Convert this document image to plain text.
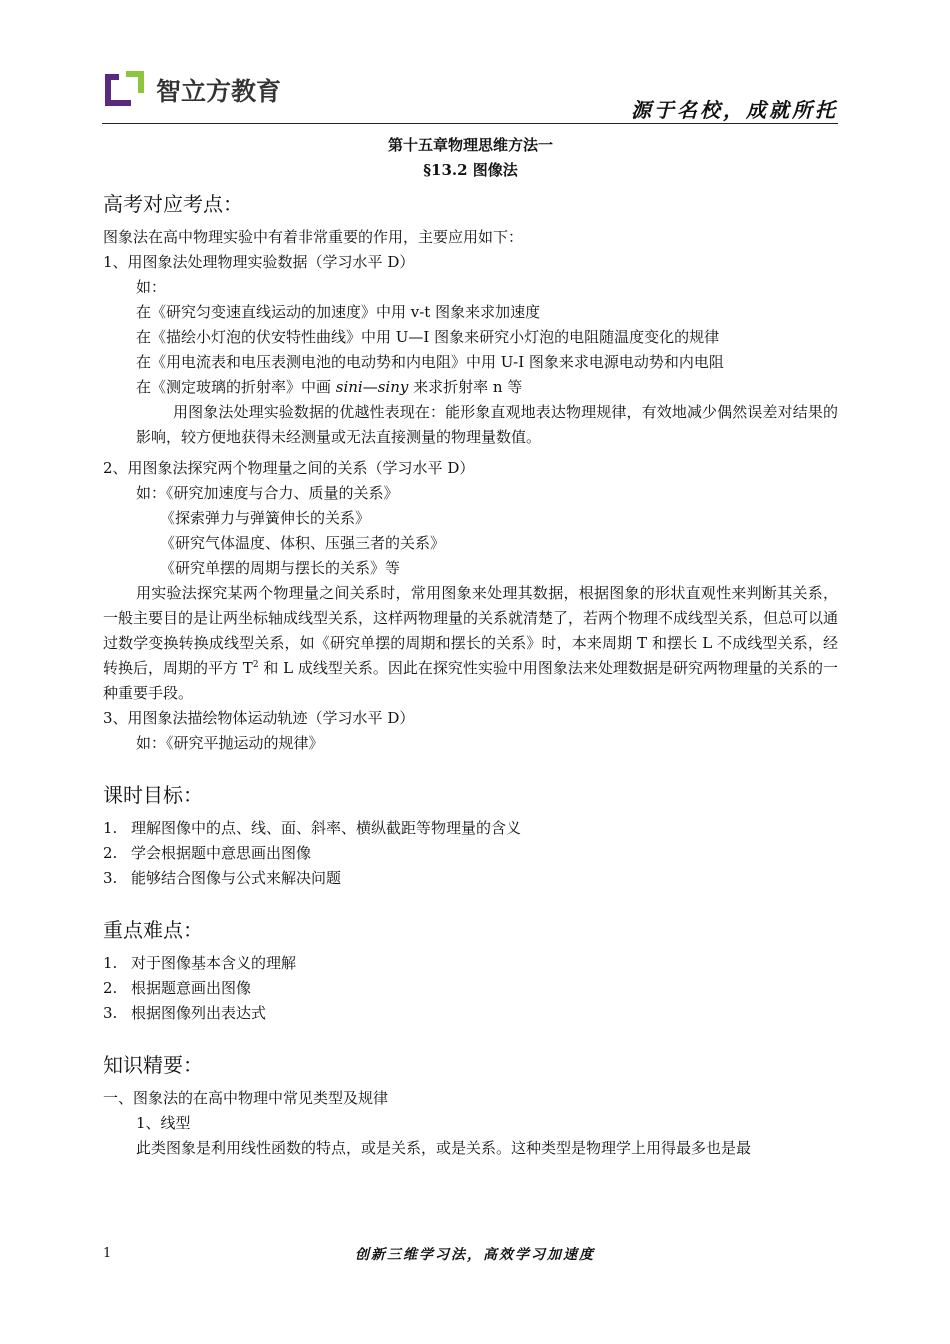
智立方教育
源于名校，成就所托

第十五章物理思维方法一

§13.2 图像法

高考对应考点：

图象法在高中物理实验中有着非常重要的作用，主要应用如下：

1、用图象法处理物理实验数据（学习水平 D）

如：

在《研究匀变速直线运动的加速度》中用 v-t 图象来求加速度

在《描绘小灯泡的伏安特性曲线》中用 U—I 图象来研究小灯泡的电阻随温度变化的规律

在《用电流表和电压表测电池的电动势和内电阻》中用 U-I 图象来求电源电动势和内电阻

在《测定玻璃的折射率》中画 sini—siny 来求折射率 n 等

用图象法处理实验数据的优越性表现在：能形象直观地表达物理规律，有效地减少偶然误差对结果的影响，较方便地获得未经测量或无法直接测量的物理量数值。

2、用图象法探究两个物理量之间的关系（学习水平 D）

如：《研究加速度与合力、质量的关系》

《探索弹力与弹簧伸长的关系》

《研究气体温度、体积、压强三者的关系》

《研究单摆的周期与摆长的关系》等

用实验法探究某两个物理量之间关系时，常用图象来处理其数据，根据图象的形状直观性来判断其关系，一般主要目的是让两坐标轴成线型关系，这样两物理量的关系就清楚了，若两个物理不成线型关系，但总可以通过数学变换转换成线型关系，如《研究单摆的周期和摆长的关系》时，本来周期 T 和摆长 L 不成线型关系，经转换后，周期的平方 $T^2$ 和 L 成线型关系。因此在探究性实验中用图象法来处理数据是研究两物理量的关系的一种重要手段。

3、用图象法描绘物体运动轨迹（学习水平 D）

如：《研究平抛运动的规律》

课时目标：
1. 理解图像中的点、线、面、斜率、横纵截距等物理量的含义
2. 学会根据题中意思画出图像
3. 能够结合图像与公式来解决问题
重点难点：
1. 对于图像基本含义的理解
2. 根据题意画出图像
3. 根据图像列出表达式
知识精要：

一、图象法的在高中物理中常见类型及规律

1、线型

此类图象是利用线性函数的特点，或是关系，或是关系。这种类型是物理学上用得最多也是最

1	创新三维学习法，高效学习加速度
